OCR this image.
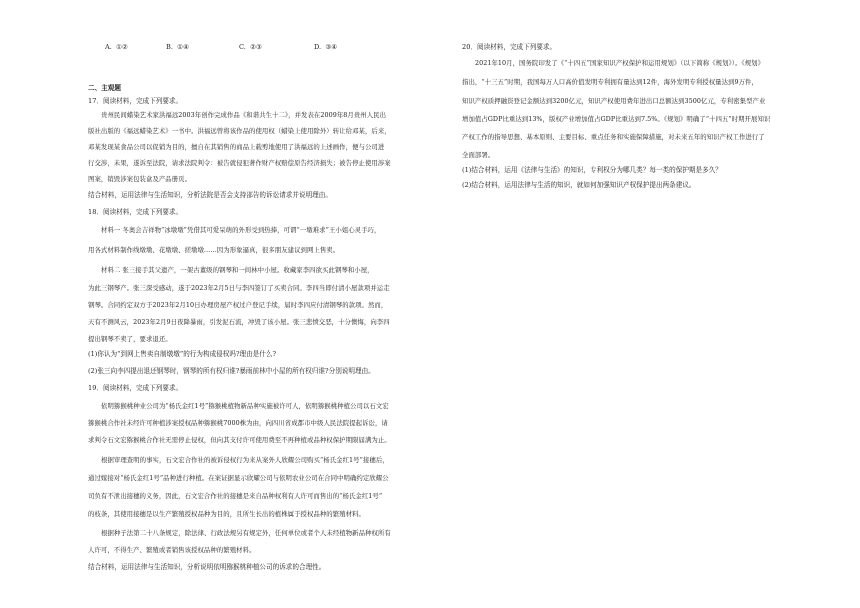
A. ①②	B. ①④	C. ②③	D. ③④
二、主观题
17．阅读材料，完成下列要求。
贵州民间蜡染艺术家洪福远2003年创作完成作品《和谐共生十二》，并发表在2009年8月贵州人民出
版社出版的《福远蜡染艺术》一书中。洪福远曾将该作品的使用权（蜡染上使用除外）转让给邓某，后来，
邓某发现某食品公司以促销为目的，擅自在其销售的商品上载剪地使用了洪福远的上述画作，便与公司进
行交涉，未果，遂诉至法院，请求法院判令：被告就侵犯著作财产权赔偿原告经济损失；被告停止使用涉案
图案，销毁涉案包装盒及产品册页。
结合材料，运用法律与生活知识，分析法院是否会支持邵告的诉讼请求并说明理由。
18．阅读材料，完成下列要求。
材料一 冬奥会吉祥物“冰墩墩”凭借其可爱呆萌的外形受到热捧，可谓“一墩难求”王小姐心灵手巧，
用各式材料制作线墩墩、花墩墩、搓墩墩……因为形象逼真，很多朋友建议到网上售卖。
材料二 张三接手其父遗产，一架古董级的钢琴和一间林中小屋。收藏家李四欲买此钢琴和小屋，
为此三钢琴产。张三深受感动，遂于2023年2月5日与李四签订了买卖合同。李四当即付清小屋款项并运走
钢琴。合同约定双方于2023年2月10日办理房屋产权过户登记手续，届时李四应付清钢琴的款项。然而，
天有不测风云，2023年2月9日夜降暴雨，引发泥石流，冲毁了该小屋。张三悲愤交恶，十分懊悔，向李四
提出钢琴不卖了，要求退还。
(1)你认为“到网上售卖自制墩墩”的行为构成侵权吗?理由是什么?
(2)张三向李四提出退还钢琴时，钢琴的所有权归谁?暴雨前林中小屋的所有权归谁?分别说明理由。
19．阅读材料，完成下列要求。
依明猕猴桃种业公司为“杨氏金红1号”猕猴桃植物新品种实施被许可人，依明猕猴桃种植公司以石文宏
猕猴桃合作社未经许可种植涉案授权品种猕猴桃7000株为由，向四川省成都市中级人民法院提起诉讼，请
求判令石文宏猕猴桃合作社无需停止侵权，但向其支付许可使用费至不再种植或品种权保护期限届满为止。
根据审理查明的事实，石文宏合作社的被诉侵权行为来从案外人欣耀公司购买“杨氏金红1号”接穗后，
通过嫁接对“杨氏金红1号”品种进行种植。在案证据显示欣耀公司与依明农业公司在合同中明确约定欣耀公
司负有不泄出接穗的义务，因此，石文宏合作社的接穗是来自品种权利有人许可而售出的“杨氏金红1号”
的枝条，其使用接穗是以生产繁殖授权品种为目的，且所生长出的植株属于授权品种的繁殖材料。
根据种子法第二十八条规定，除法律、行政法规另有规定外，任何单位或者个人未经植物新品种权所有
人许可，不得生产、繁殖或者销售该授权品种的繁殖材料。
结合材料，运用法律与生活知识，分析说明依明猕猴桃种植公司的诉求的合理性。
20．阅读材料，完成下列要求。
2021年10月，国务院印发了《“十四五”国家知识产权保护和运用规划》（以下简称《规划》）。《规划》
指出，“十三五”时期，我国每万人口高价值发明专利拥有量达到12件，海外发明专利授权量达到9万件，
知识产权质押融资登记金额达到3200亿元，知识产权使用费年进出口总额达到3500亿元，专利密集型产业
增加值占GDP比重达到13%，版权产业增加值占GDP比重达到7.5%。《规划》明确了“十四五”时期开展知识
产权工作的指导思想、基本原则、主要目标、重点任务和实施保障措施，对未来五年的知识产权工作进行了
全面部署。
(1)结合材料，运用《法律与生活》的知识，专利权分为哪几类？每一类的保护期是多久？
(2)结合材料，运用法律与生活的知识，就如何加强知识产权保护提出两条建议。
